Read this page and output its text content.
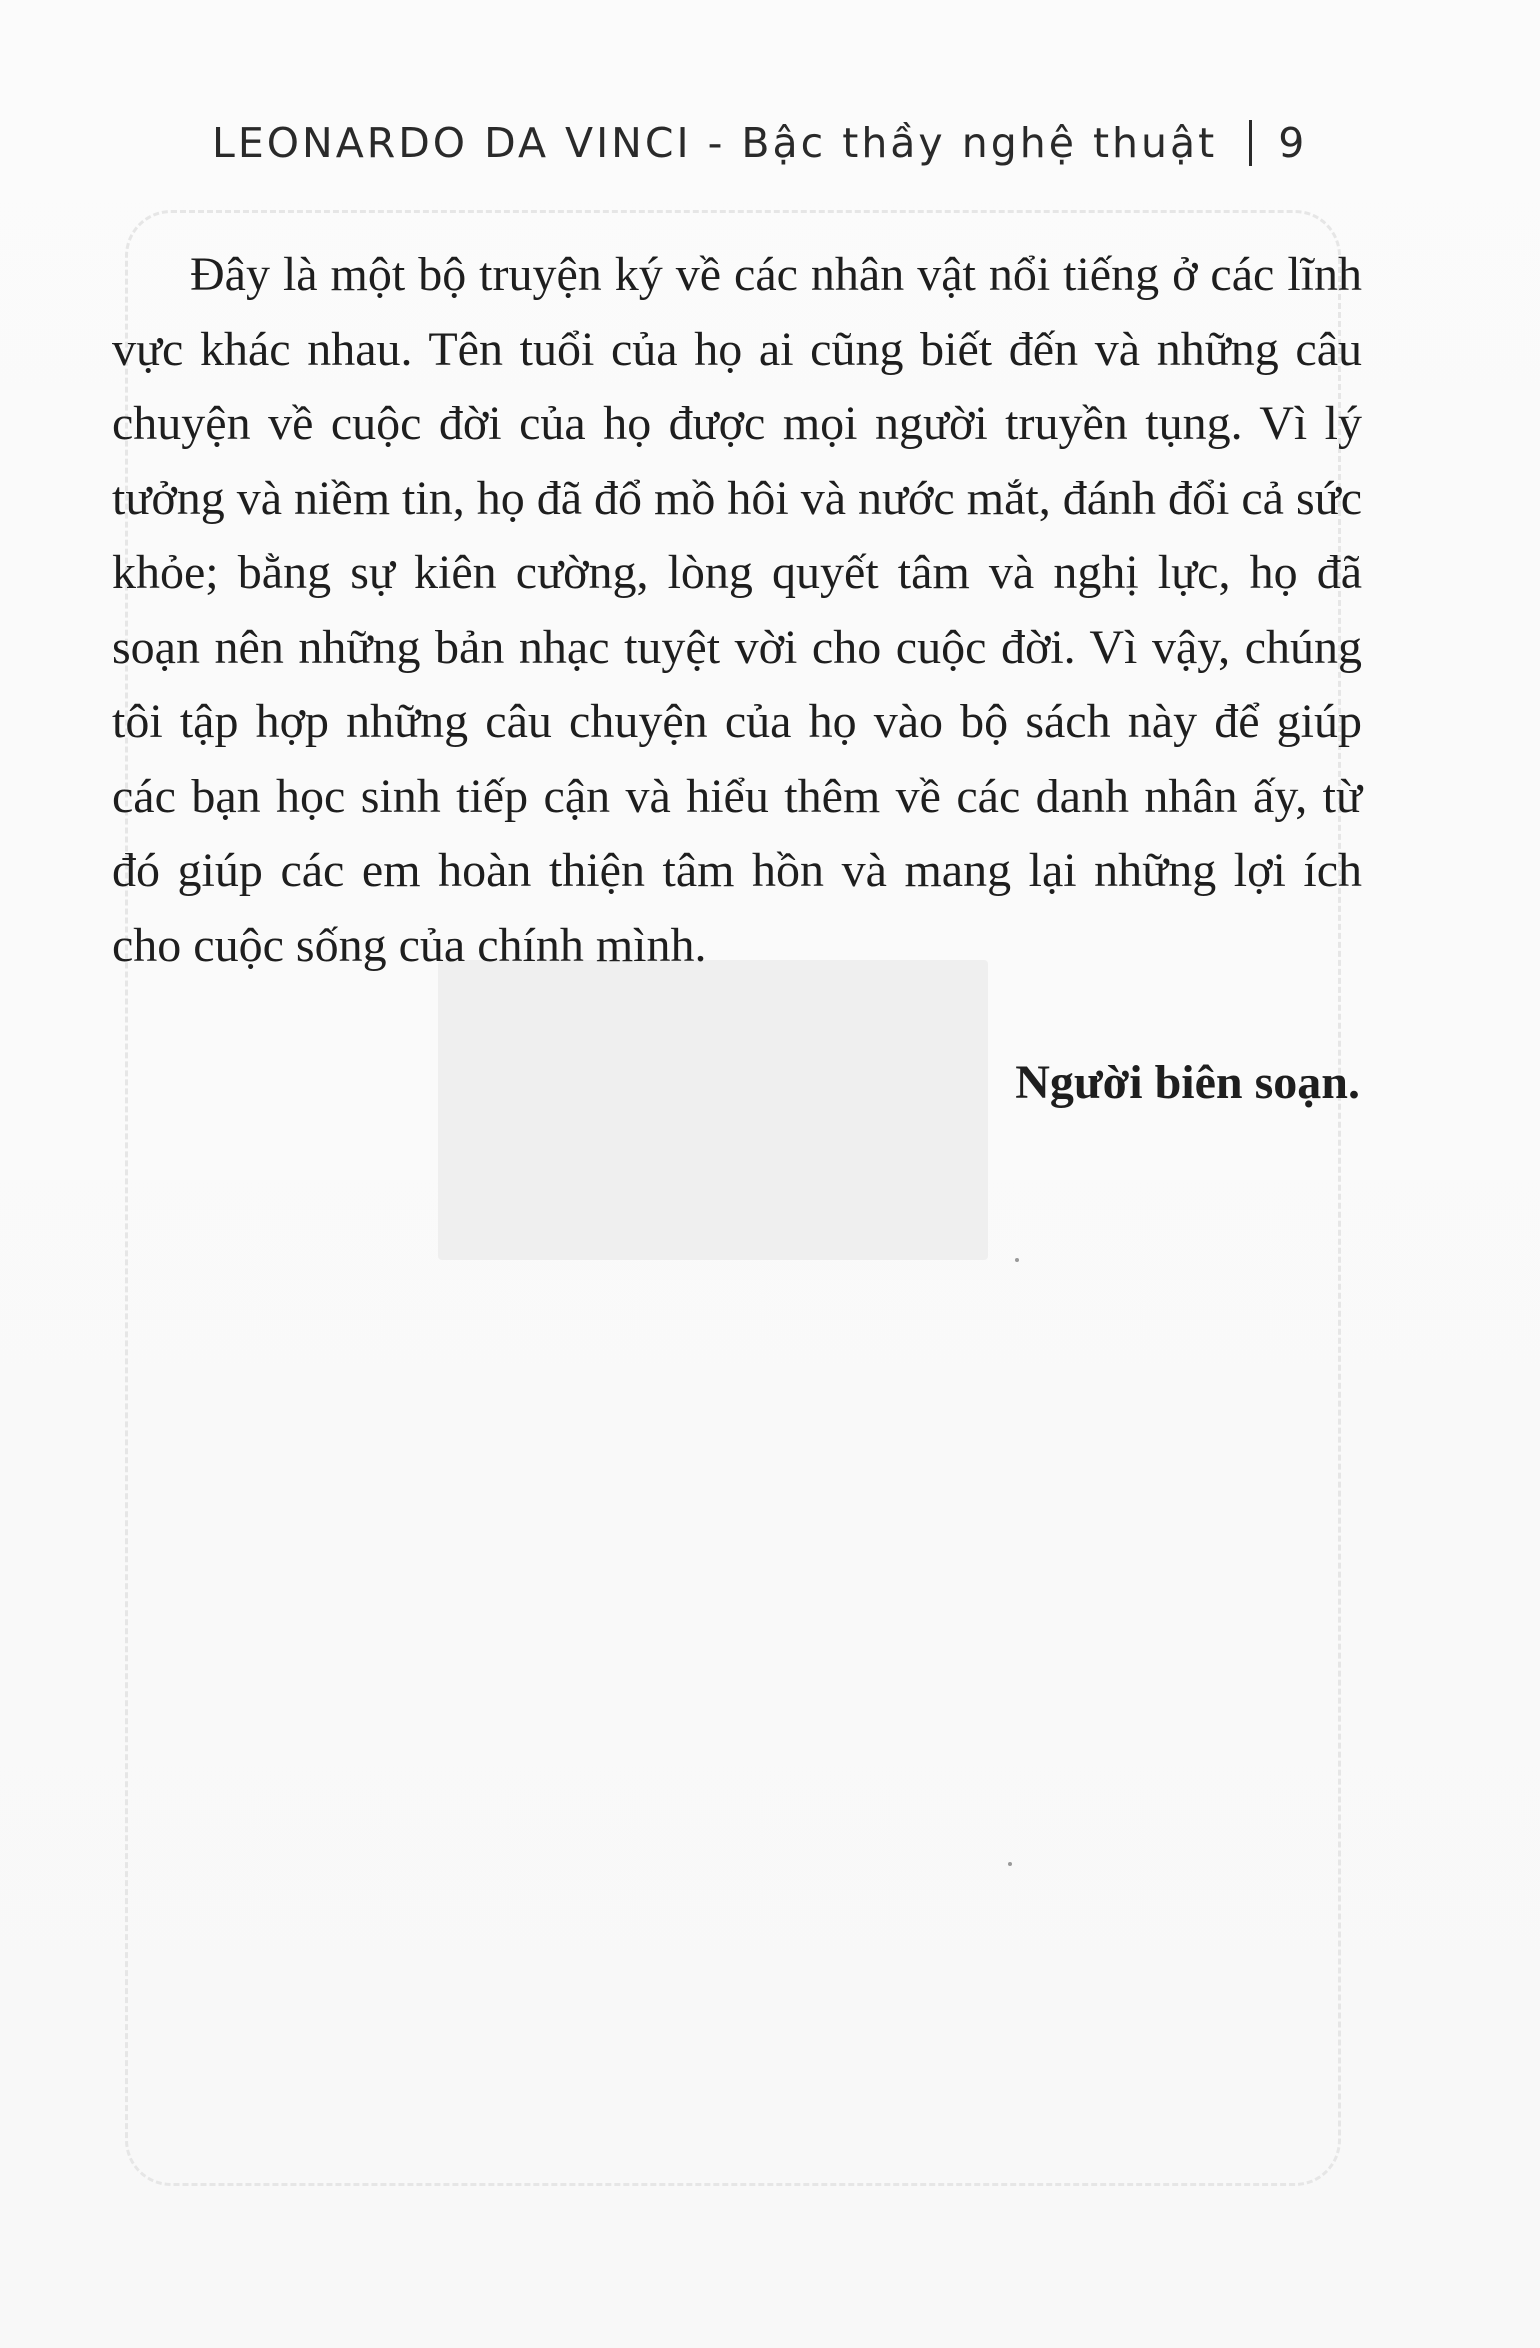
LEONARDO DA VINCI - Bậc thầy nghệ thuật 9

Đây là một bộ truyện ký về các nhân vật nổi tiếng ở các lĩnh vực khác nhau. Tên tuổi của họ ai cũng biết đến và những câu chuyện về cuộc đời của họ được mọi người truyền tụng. Vì lý tưởng và niềm tin, họ đã đổ mồ hôi và nước mắt, đánh đổi cả sức khỏe; bằng sự kiên cường, lòng quyết tâm và nghị lực, họ đã soạn nên những bản nhạc tuyệt vời cho cuộc đời. Vì vậy, chúng tôi tập hợp những câu chuyện của họ vào bộ sách này để giúp các bạn học sinh tiếp cận và hiểu thêm về các danh nhân ấy, từ đó giúp các em hoàn thiện tâm hồn và mang lại những lợi ích cho cuộc sống của chính mình.

Người biên soạn.
